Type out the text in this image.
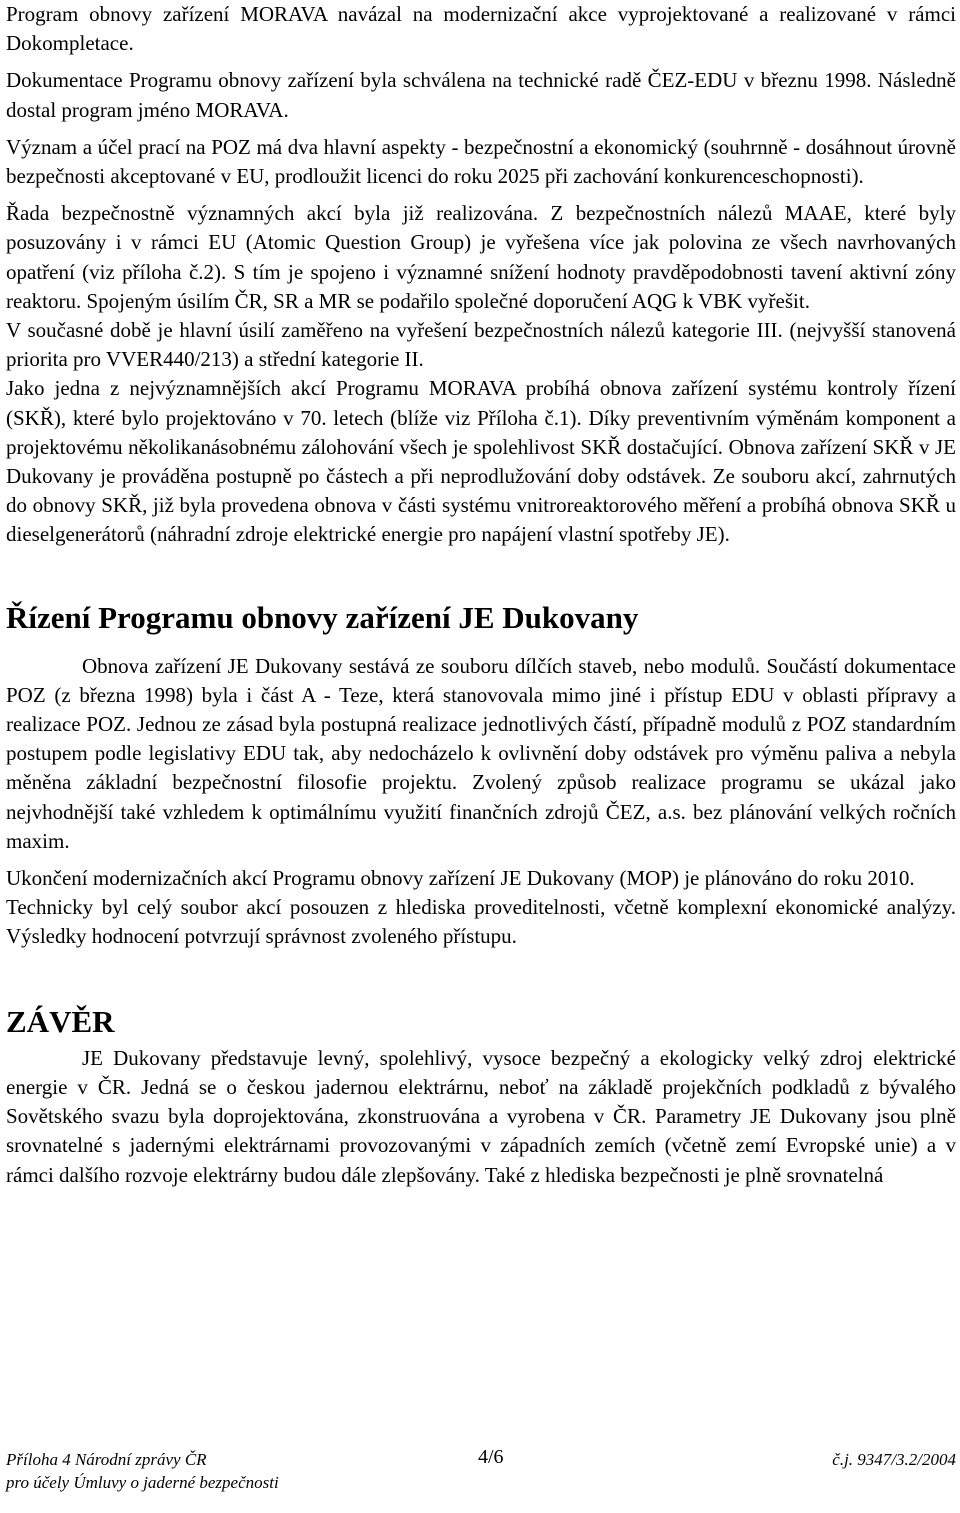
Program obnovy zařízení MORAVA navázal na modernizační akce vyprojektované a realizované v rámci Dokompletace.

Dokumentace Programu obnovy zařízení byla schválena na technické radě ČEZ-EDU v březnu 1998. Následně dostal program jméno MORAVA.

Význam a účel prací na POZ má dva hlavní aspekty - bezpečnostní a ekonomický (souhrnně - dosáhnout úrovně bezpečnosti akceptované v EU, prodloužit licenci do roku 2025 při zachování konkurenceschopnosti).

Řada bezpečnostně významných akcí byla již realizována. Z bezpečnostních nálezů MAAE, které byly posuzovány i v rámci EU (Atomic Question Group) je vyřešena více jak polovina ze všech navrhovaných opatření (viz příloha č.2). S tím je spojeno i významné snížení hodnoty pravděpodobnosti tavení aktivní zóny reaktoru. Spojeným úsilím ČR, SR a MR se podařilo společné doporučení AQG k VBK vyřešit.

V současné době je hlavní úsilí zaměřeno na vyřešení bezpečnostních nálezů kategorie III. (nejvyšší stanovená priorita pro VVER440/213) a střední kategorie II.

Jako jedna z nejvýznamnějších akcí Programu MORAVA probíhá obnova zařízení systému kontroly řízení (SKŘ), které bylo projektováno v 70. letech (blíže viz Příloha č.1). Díky preventivním výměnám komponent a projektovému několikanásobnému zálohování všech je spolehlivost SKŘ dostačující. Obnova zařízení SKŘ v JE Dukovany je prováděna postupně po částech a při neprodlužování doby odstávek. Ze souboru akcí, zahrnutých do obnovy SKŘ, již byla provedena obnova v části systému vnitroreaktorového měření a probíhá obnova SKŘ u dieselgenerátorů (náhradní zdroje elektrické energie pro napájení vlastní spotřeby JE).

Řízení Programu obnovy zařízení JE Dukovany

Obnova zařízení JE Dukovany sestává ze souboru dílčích staveb, nebo modulů. Součástí dokumentace POZ (z března 1998) byla i část A - Teze, která stanovovala mimo jiné i přístup EDU v oblasti přípravy a realizace POZ. Jednou ze zásad byla postupná realizace jednotlivých částí, případně modulů z POZ standardním postupem podle legislativy EDU tak, aby nedocházelo k ovlivnění doby odstávek pro výměnu paliva a nebyla měněna základní bezpečnostní filosofie projektu. Zvolený způsob realizace programu se ukázal jako nejvhodnější také vzhledem k optimálnímu využití finančních zdrojů ČEZ, a.s. bez plánování velkých ročních maxim.

Ukončení modernizačních akcí Programu obnovy zařízení JE Dukovany (MOP) je plánováno do roku 2010.

Technicky byl celý soubor akcí posouzen z hlediska proveditelnosti, včetně komplexní ekonomické analýzy. Výsledky hodnocení potvrzují správnost zvoleného přístupu.

ZÁVĚR

JE Dukovany představuje levný, spolehlivý, vysoce bezpečný a ekologicky velký zdroj elektrické energie v ČR. Jedná se o českou jadernou elektrárnu, neboť na základě projekčních podkladů z bývalého Sovětského svazu byla doprojektována, zkonstruována a vyrobena v ČR. Parametry JE Dukovany jsou plně srovnatelné s jadernými elektrárnami provozovanými v západních zemích (včetně zemí Evropské unie) a v rámci dalšího rozvoje elektrárny budou dále zlepšovány. Také z hlediska bezpečnosti je plně srovnatelná

Příloha 4 Národní zprávy ČR	4/6	č.j. 9347/3.2/2004
pro účely Úmluvy o jaderné bezpečnosti
